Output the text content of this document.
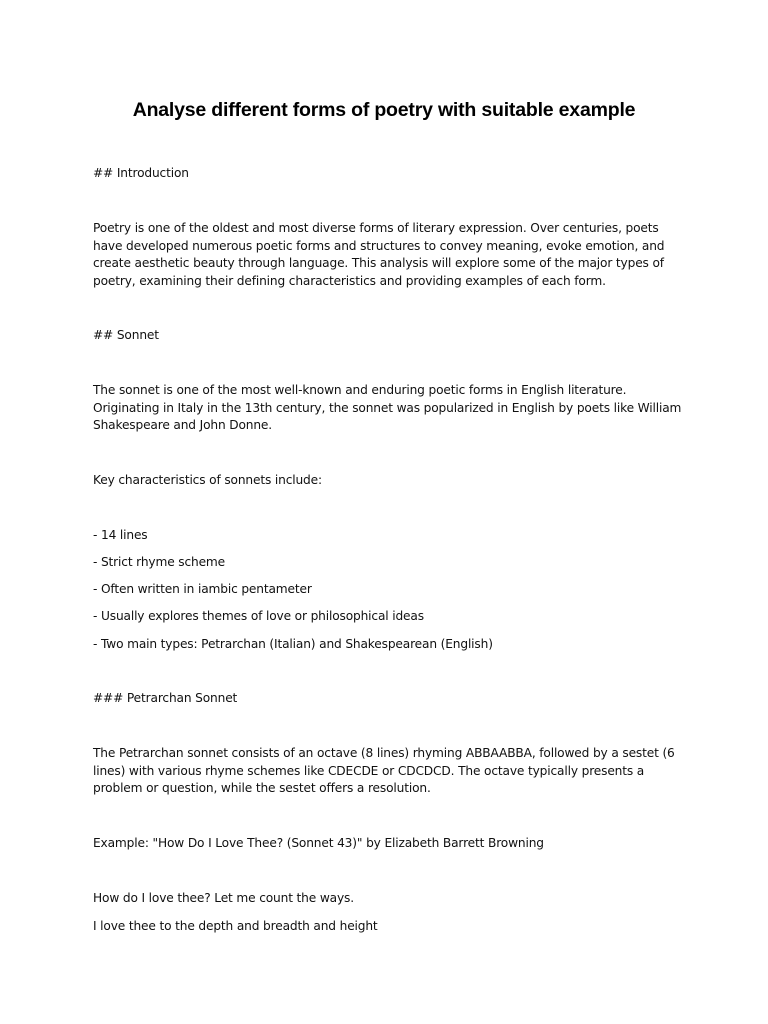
Analyse different forms of poetry with suitable example
## Introduction
Poetry is one of the oldest and most diverse forms of literary expression. Over centuries, poets have developed numerous poetic forms and structures to convey meaning, evoke emotion, and create aesthetic beauty through language. This analysis will explore some of the major types of poetry, examining their defining characteristics and providing examples of each form.
## Sonnet
The sonnet is one of the most well-known and enduring poetic forms in English literature. Originating in Italy in the 13th century, the sonnet was popularized in English by poets like William Shakespeare and John Donne.
Key characteristics of sonnets include:
- 14 lines
- Strict rhyme scheme
- Often written in iambic pentameter
- Usually explores themes of love or philosophical ideas
- Two main types: Petrarchan (Italian) and Shakespearean (English)
### Petrarchan Sonnet
The Petrarchan sonnet consists of an octave (8 lines) rhyming ABBAABBA, followed by a sestet (6 lines) with various rhyme schemes like CDECDE or CDCDCD. The octave typically presents a problem or question, while the sestet offers a resolution.
Example: "How Do I Love Thee? (Sonnet 43)" by Elizabeth Barrett Browning
How do I love thee? Let me count the ways.
I love thee to the depth and breadth and height
